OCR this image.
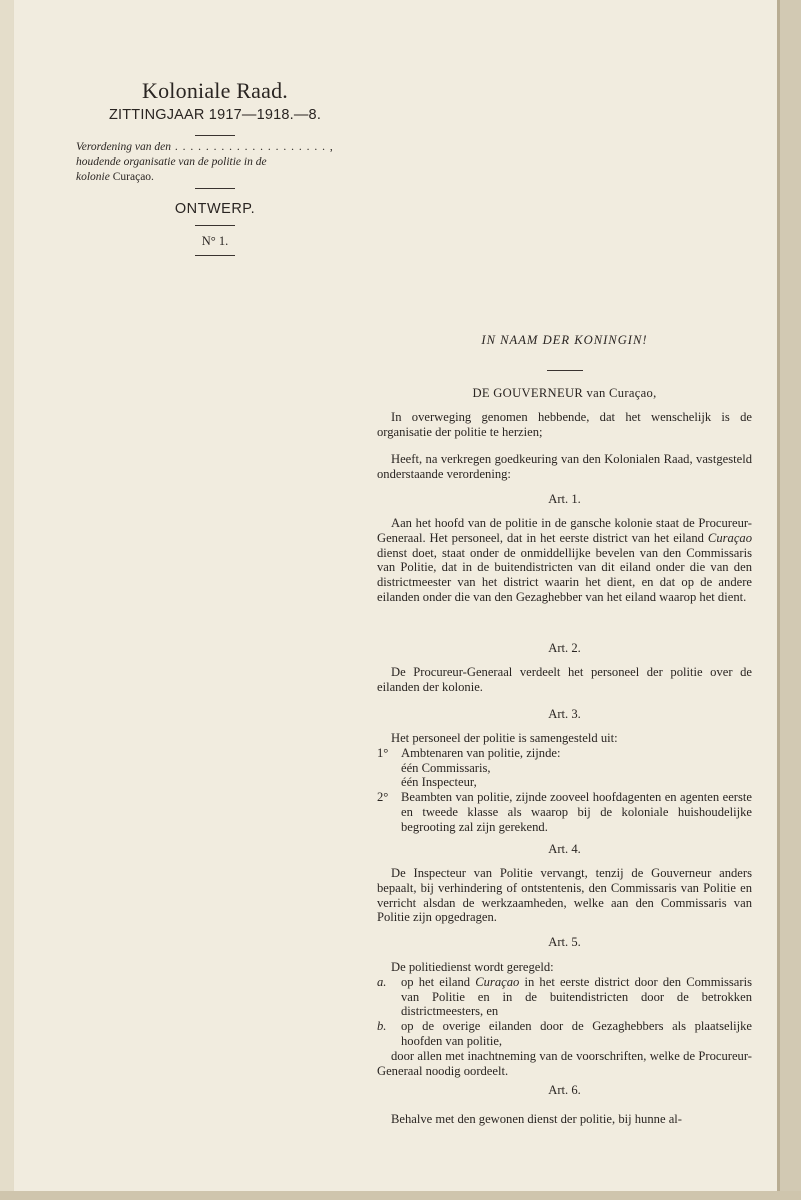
Koloniale Raad.
ZITTINGJAAR 1917—1918.—8.
Verordening van den . . . . . . . . . . . . . . . . . . . . ,
houdende organisatie van de politie in de
kolonie Curaçao.
ONTWERP.
N° 1.
IN NAAM DER KONINGIN!
DE GOUVERNEUR van Curaçao,

In overweging genomen hebbende, dat het wenschelijk is de organisatie der politie te herzien;

Heeft, na verkregen goedkeuring van den Kolonialen Raad, vastgesteld onderstaande verordening:

Art. 1.

Aan het hoofd van de politie in de gansche kolonie staat de Procureur-Generaal. Het personeel, dat in het eerste district van het eiland Curaçao dienst doet, staat onder de onmiddellijke bevelen van den Commissaris van Politie, dat in de buitendistricten van dit eiland onder die van den districtmeester van het district waarin het dient, en dat op de andere eilanden onder die van den Gezaghebber van het eiland waarop het dient.

Art. 2.

De Procureur-Generaal verdeelt het personeel der politie over de eilanden der kolonie.

Art. 3.

Het personeel der politie is samengesteld uit:

1° Ambtenaren van politie, zijnde:
één Commissaris,
één Inspecteur,
2° Beambten van politie, zijnde zooveel hoofdagenten en agenten eerste en tweede klasse als waarop bij de koloniale huishoudelijke begrooting zal zijn gerekend.
Art. 4.

De Inspecteur van Politie vervangt, tenzij de Gouverneur anders bepaalt, bij verhindering of ontstentenis, den Commissaris van Politie en verricht alsdan de werkzaamheden, welke aan den Commissaris van Politie zijn opgedragen.

Art. 5.

De politiedienst wordt geregeld:

a. op het eiland Curaçao in het eerste district door den Commissaris van Politie en in de buitendistricten door de betrokken districtmeesters, en
b. op de overige eilanden door de Gezaghebbers als plaatselijke hoofden van politie,

door allen met inachtneming van de voorschriften, welke de Procureur-Generaal noodig oordeelt.

Art. 6.

Behalve met den gewonen dienst der politie, bij hunne al-
